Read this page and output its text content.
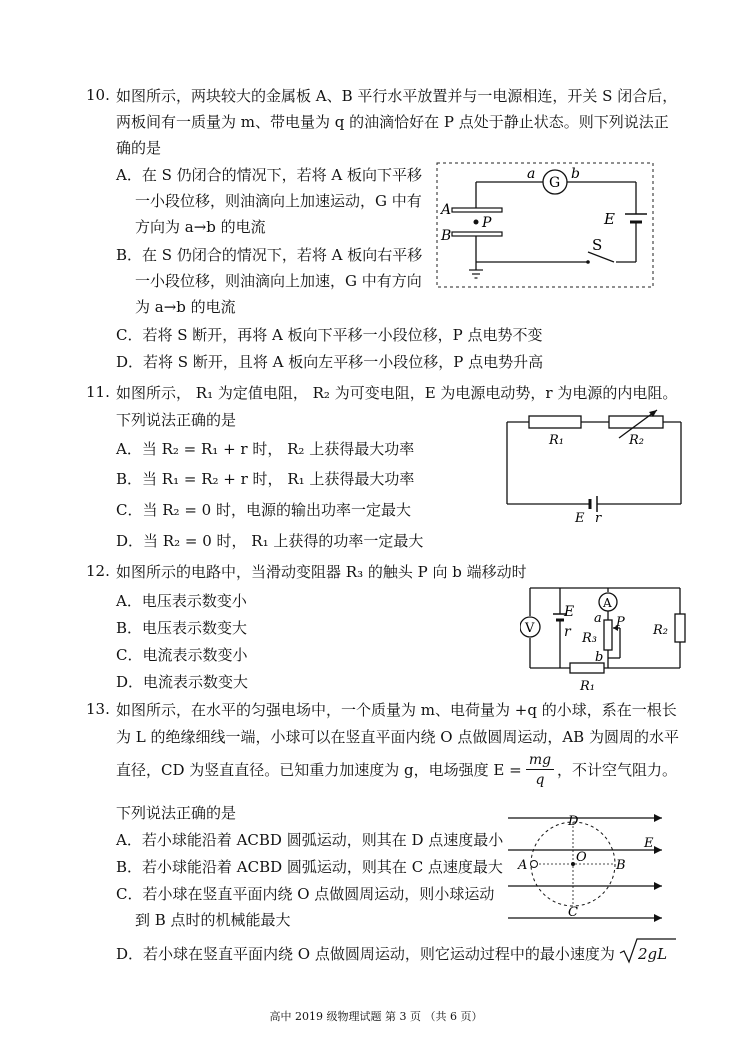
10. 如图所示，两块较大的金属板 A、B 平行水平放置并与一电源相连，开关 S 闭合后，
两板间有一质量为 m、带电量为 q 的油滴恰好在 P 点处于静止状态。则下列说法正
确的是
A．在 S 仍闭合的情况下，若将 A 板向下平移
一小段位移，则油滴向上加速运动，G 中有
方向为 a→b 的电流
B．在 S 仍闭合的情况下，若将 A 板向右平移
一小段位移，则油滴向上加速，G 中有方向
为 a→b 的电流
C．若将 S 断开，再将 A 板向下平移一小段位移，P 点电势不变
D．若将 S 断开，且将 A 板向左平移一小段位移，P 点电势升高
a
G
b
A
P
B
E
S
11. 如图所示， R₁ 为定值电阻， R₂ 为可变电阻，E 为电源电动势，r 为电源的内电阻。
下列说法正确的是
A．当 R₂ = R₁ + r 时， R₂ 上获得最大功率
B．当 R₁ = R₂ + r 时， R₁ 上获得最大功率
C．当 R₂ = 0 时，电源的输出功率一定最大
D．当 R₂ = 0 时， R₁ 上获得的功率一定最大
R₁	R₂
E r
12. 如图所示的电路中，当滑动变阻器 R₃ 的触头 P 向 b 端移动时
A．电压表示数变小
B．电压表示数变大
C．电流表示数变小
D．电流表示数变大
E
r
V
A
a P
R₃
b
R₂
R₁
13. 如图所示，在水平的匀强电场中，一个质量为 m、电荷量为 +q 的小球，系在一根长
为 L 的绝缘细线一端，小球可以在竖直平面内绕 O 点做圆周运动，AB 为圆周的水平
直径，CD 为竖直直径。已知重力加速度为 g，电场强度 E =
mg
q
，不计空气阻力。
下列说法正确的是
A．若小球能沿着 ACBD 圆弧运动，则其在 D 点速度最小
B．若小球能沿着 ACBD 圆弧运动，则其在 C 点速度最大
C．若小球在竖直平面内绕 O 点做圆周运动，则小球运动
到 B 点时的机械能最大
D．若小球在竖直平面内绕 O 点做圆周运动，则它运动过程中的最小速度为 2gL
D
E
A
O
B
C
高中 2019 级物理试题 第 3 页 （共 6 页）
